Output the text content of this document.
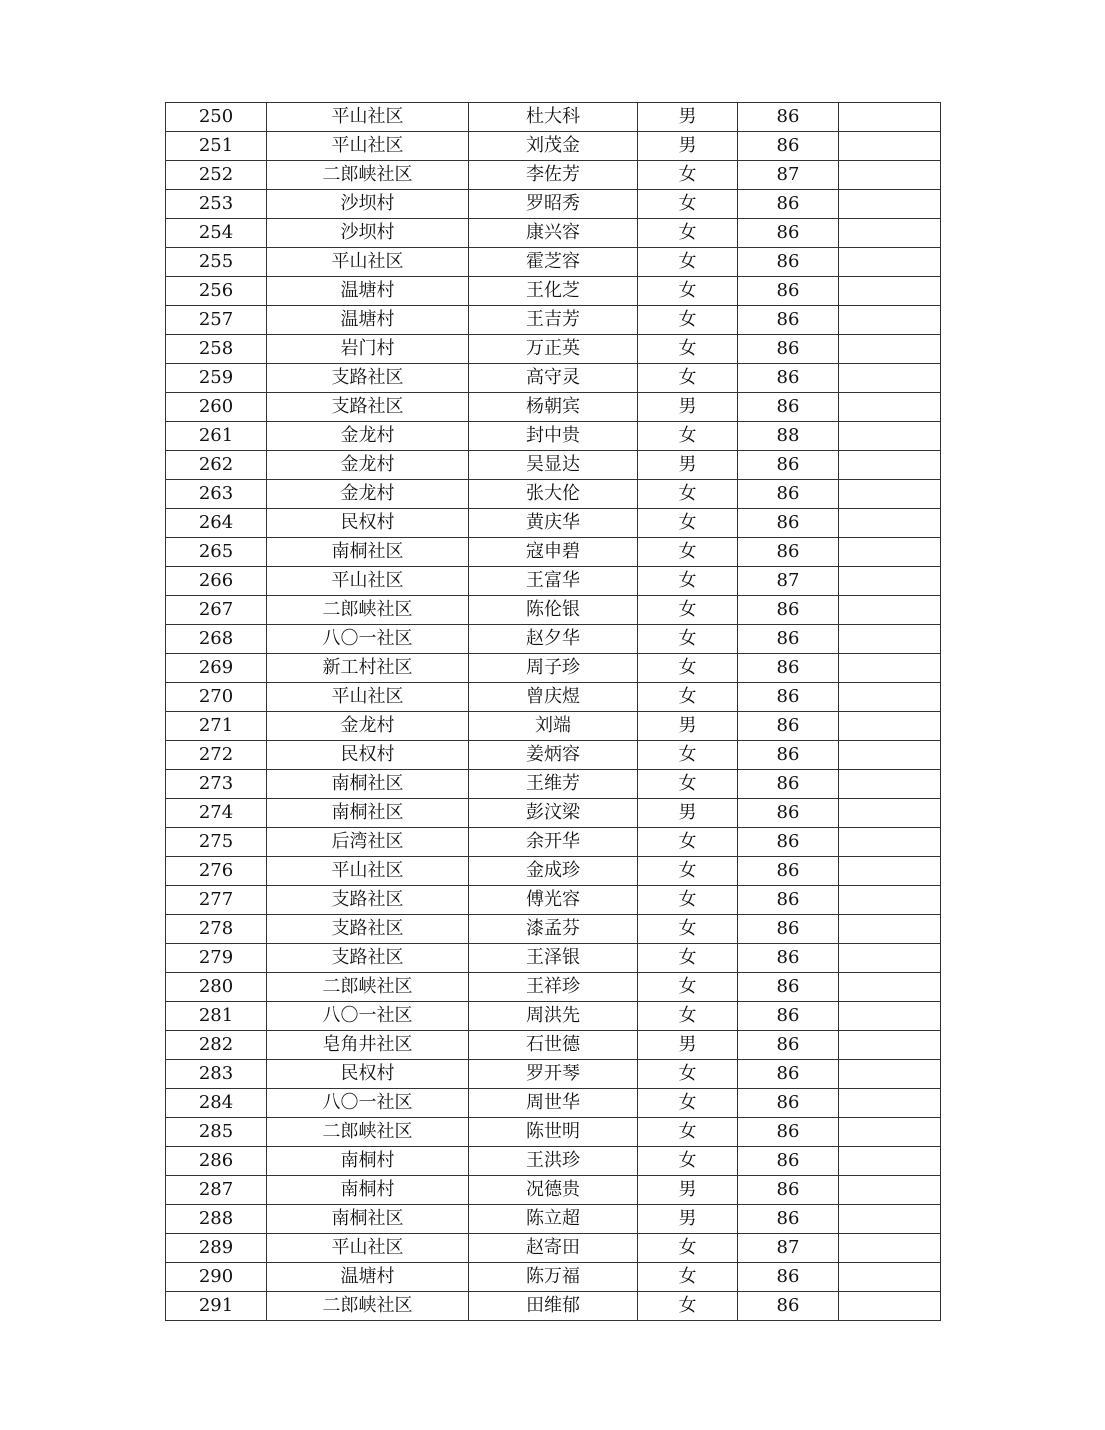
250	平山社区	杜大科	男	86	
251	平山社区	刘茂金	男	86	
252	二郎峡社区	李佐芳	女	87	
253	沙坝村	罗昭秀	女	86	
254	沙坝村	康兴容	女	86	
255	平山社区	霍芝容	女	86	
256	温塘村	王化芝	女	86	
257	温塘村	王吉芳	女	86	
258	岩门村	万正英	女	86	
259	支路社区	高守灵	女	86	
260	支路社区	杨朝宾	男	86	
261	金龙村	封中贵	女	88	
262	金龙村	吴显达	男	86	
263	金龙村	张大伦	女	86	
264	民权村	黄庆华	女	86	
265	南桐社区	寇申碧	女	86	
266	平山社区	王富华	女	87	
267	二郎峡社区	陈伦银	女	86	
268	八〇一社区	赵夕华	女	86	
269	新工村社区	周子珍	女	86	
270	平山社区	曾庆煜	女	86	
271	金龙村	刘端	男	86	
272	民权村	姜炳容	女	86	
273	南桐社区	王维芳	女	86	
274	南桐社区	彭汶梁	男	86	
275	后湾社区	余开华	女	86	
276	平山社区	金成珍	女	86	
277	支路社区	傅光容	女	86	
278	支路社区	漆孟芬	女	86	
279	支路社区	王泽银	女	86	
280	二郎峡社区	王祥珍	女	86	
281	八〇一社区	周洪先	女	86	
282	皂角井社区	石世德	男	86	
283	民权村	罗开琴	女	86	
284	八〇一社区	周世华	女	86	
285	二郎峡社区	陈世明	女	86	
286	南桐村	王洪珍	女	86	
287	南桐村	况德贵	男	86	
288	南桐社区	陈立超	男	86	
289	平山社区	赵寄田	女	87	
290	温塘村	陈万福	女	86	
291	二郎峡社区	田维郁	女	86	
